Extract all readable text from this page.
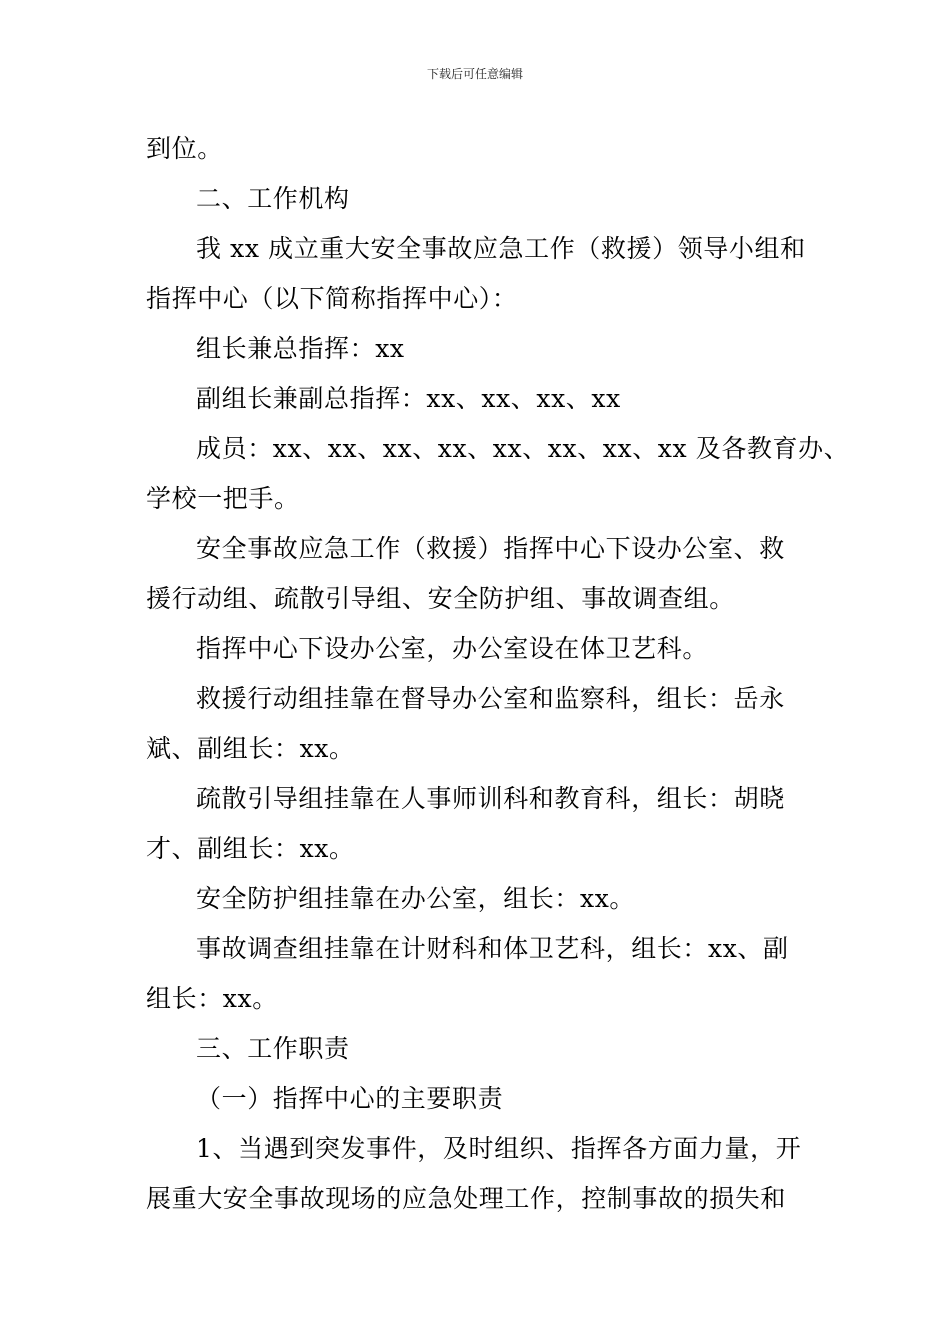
下载后可任意编辑
到位。
二、工作机构
我 xx 成立重大安全事故应急工作（救援）领导小组和
指挥中心（以下简称指挥中心）：
组长兼总指挥：xx
副组长兼副总指挥：xx、xx、xx、xx
成员：xx、xx、xx、xx、xx、xx、xx、xx 及各教育办、
学校一把手。
安全事故应急工作（救援）指挥中心下设办公室、救
援行动组、疏散引导组、安全防护组、事故调查组。
指挥中心下设办公室，办公室设在体卫艺科。
救援行动组挂靠在督导办公室和监察科，组长：岳永
斌、副组长：xx。
疏散引导组挂靠在人事师训科和教育科，组长：胡晓
才、副组长：xx。
安全防护组挂靠在办公室，组长：xx。
事故调查组挂靠在计财科和体卫艺科，组长：xx、副
组长：xx。
三、工作职责
（一）指挥中心的主要职责
1、当遇到突发事件，及时组织、指挥各方面力量，开
展重大安全事故现场的应急处理工作，控制事故的损失和
